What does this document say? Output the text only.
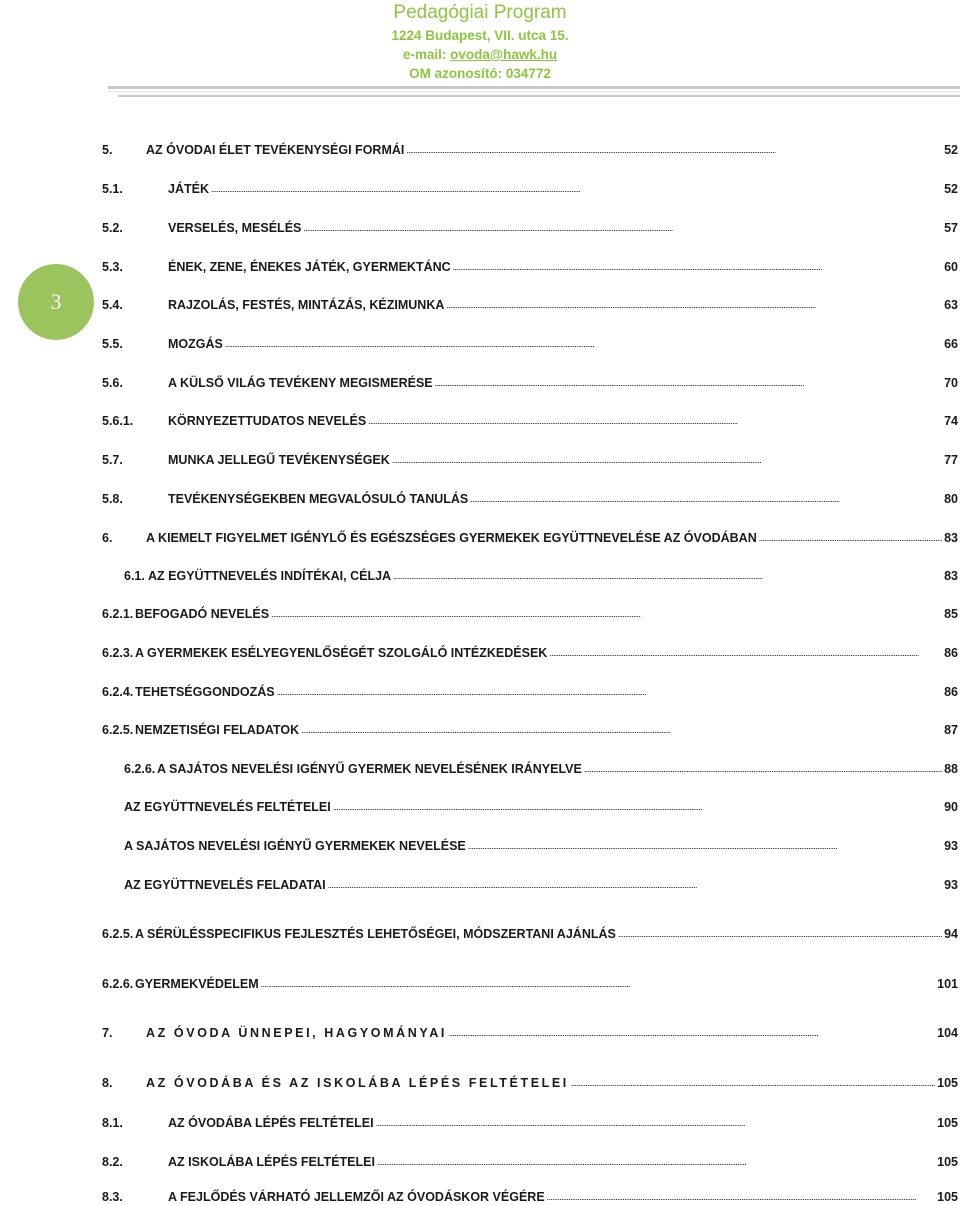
Pedagógiai Program
1224 Budapest, VII. utca 15.
e-mail: ovoda@hawk.hu
OM azonosító: 034772
3
5.	AZ ÓVODAI ÉLET TEVÉKENYSÉGI FORMÁI . . .	52
5.1.	JÁTÉK . . .	52
5.2.	VERSELÉS, MESÉLÉS . . .	57
5.3.	ÉNEK, ZENE, ÉNEKES JÁTÉK, GYERMEKTÁNC . . .	60
5.4.	RAJZOLÁS, FESTÉS, MINTÁZÁS, KÉZIMUNKA . . .	63
5.5.	MOZGÁS . . .	66
5.6.	A KÜLSŐ VILÁG TEVÉKENY MEGISMERÉSE . . .	70
5.6.1.	KÖRNYEZETTUDATOS NEVELÉS . . .	74
5.7.	MUNKA JELLEGŰ TEVÉKENYSÉGEK . . .	77
5.8.	TEVÉKENYSÉGEKBEN MEGVALÓSULÓ TANULÁS . . .	80
6.	A KIEMELT FIGYELMET IGÉNYLŐ ÉS EGÉSZSÉGES GYERMEKEK EGYÜTTNEVELÉSE AZ ÓVODÁBAN . . .	83
6.1. AZ EGYÜTTNEVELÉS INDÍTÉKAI, CÉLJA . . .	83
6.2.1. BEFOGADÓ NEVELÉS . . .	85
6.2.3. A GYERMEKEK ESÉLYEGYENLŐSÉGÉT SZOLGÁLÓ INTÉZKEDÉSEK . . .	86
6.2.4. TEHETSÉGGONDOZÁS . . .	86
6.2.5. NEMZETISÉGI FELADATOK . . .	87
6.2.6. A SAJÁTOS NEVELÉSI IGÉNYŰ GYERMEK NEVELÉSÉNEK IRÁNYELVE . . .	88
AZ EGYÜTTNEVELÉS FELTÉTELEI . . .	90
A SAJÁTOS NEVELÉSI IGÉNYŰ GYERMEKEK NEVELÉSE . . .	93
AZ EGYÜTTNEVELÉS FELADATAI . . .	93
6.2.5. A SÉRÜLÉSSPECIFIKUS FEJLESZTÉS LEHETŐSÉGEI, MÓDSZERTANI AJÁNLÁS . . .	94
6.2.6. GYERMEKVÉDELEM . . .	101
7.	AZ ÓVODA ÜNNEPEI, HAGYOMÁNYAI . . .	104
8.	AZ ÓVODÁBA ÉS AZ ISKOLÁBA LÉPÉS FELTÉTELEI . . .	105
8.1.	AZ ÓVODÁBA LÉPÉS FELTÉTELEI . . .	105
8.2.	AZ ISKOLÁBA LÉPÉS FELTÉTELEI . . .	105
8.3.	A FEJLŐDÉS VÁRHATÓ JELLEMZŐI AZ ÓVODÁSKOR VÉGÉRE . . .	105
